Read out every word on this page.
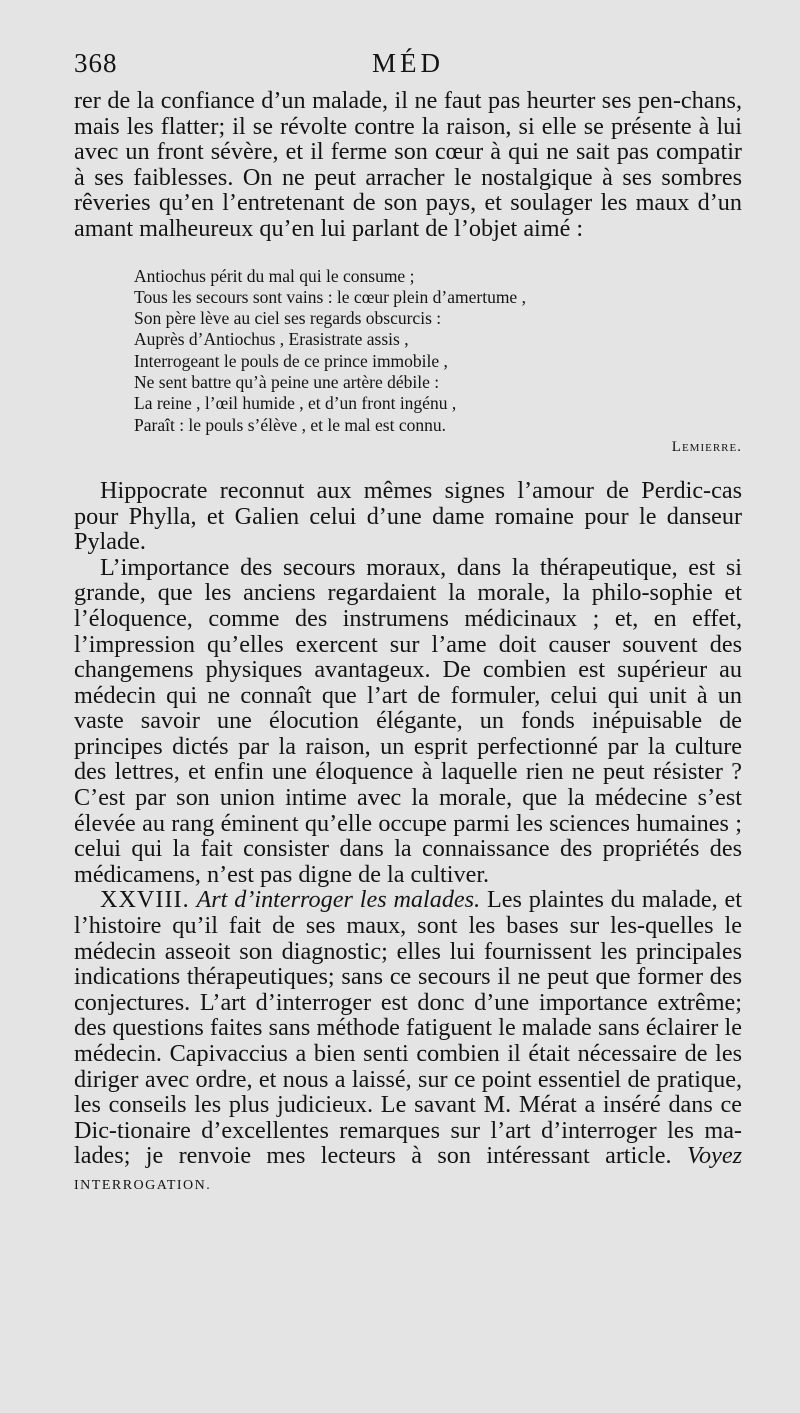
368	MÉD

rer de la confiance d’un malade, il ne faut pas heurter ses pen-chans, mais les flatter; il se révolte contre la raison, si elle se présente à lui avec un front sévère, et il ferme son cœur à qui ne sait pas compatir à ses faiblesses. On ne peut arracher le nostalgique à ses sombres rêveries qu’en l’entretenant de son pays, et soulager les maux d’un amant malheureux qu’en lui parlant de l’objet aimé :

Antiochus périt du mal qui le consume ;
Tous les secours sont vains : le cœur plein d’amertume ,
Son père lève au ciel ses regards obscurcis :
Auprès d’Antiochus , Erasistrate assis ,
Interrogeant le pouls de ce prince immobile ,
Ne sent battre qu’à peine une artère débile :
La reine , l’œil humide , et d’un front ingénu ,
Paraît : le pouls s’élève , et le mal est connu.
Lemierre.

Hippocrate reconnut aux mêmes signes l’amour de Perdic-cas pour Phylla, et Galien celui d’une dame romaine pour le danseur Pylade.

L’importance des secours moraux, dans la thérapeutique, est si grande, que les anciens regardaient la morale, la philo-sophie et l’éloquence, comme des instrumens médicinaux ; et, en effet, l’impression qu’elles exercent sur l’ame doit causer souvent des changemens physiques avantageux. De combien est supérieur au médecin qui ne connaît que l’art de formuler, celui qui unit à un vaste savoir une élocution élégante, un fonds inépuisable de principes dictés par la raison, un esprit perfectionné par la culture des lettres, et enfin une éloquence à laquelle rien ne peut résister ? C’est par son union intime avec la morale, que la médecine s’est élevée au rang éminent qu’elle occupe parmi les sciences humaines ; celui qui la fait consister dans la connaissance des propriétés des médicamens, n’est pas digne de la cultiver.

XXVIII. Art d’interroger les malades. Les plaintes du malade, et l’histoire qu’il fait de ses maux, sont les bases sur les-quelles le médecin asseoit son diagnostic; elles lui fournissent les principales indications thérapeutiques; sans ce secours il ne peut que former des conjectures. L’art d’interroger est donc d’une importance extrême; des questions faites sans méthode fatiguent le malade sans éclairer le médecin. Capivaccius a bien senti combien il était nécessaire de les diriger avec ordre, et nous a laissé, sur ce point essentiel de pratique, les conseils les plus judicieux. Le savant M. Mérat a inséré dans ce Dic-tionaire d’excellentes remarques sur l’art d’interroger les ma-lades; je renvoie mes lecteurs à son intéressant article. Voyez INTERROGATION.
